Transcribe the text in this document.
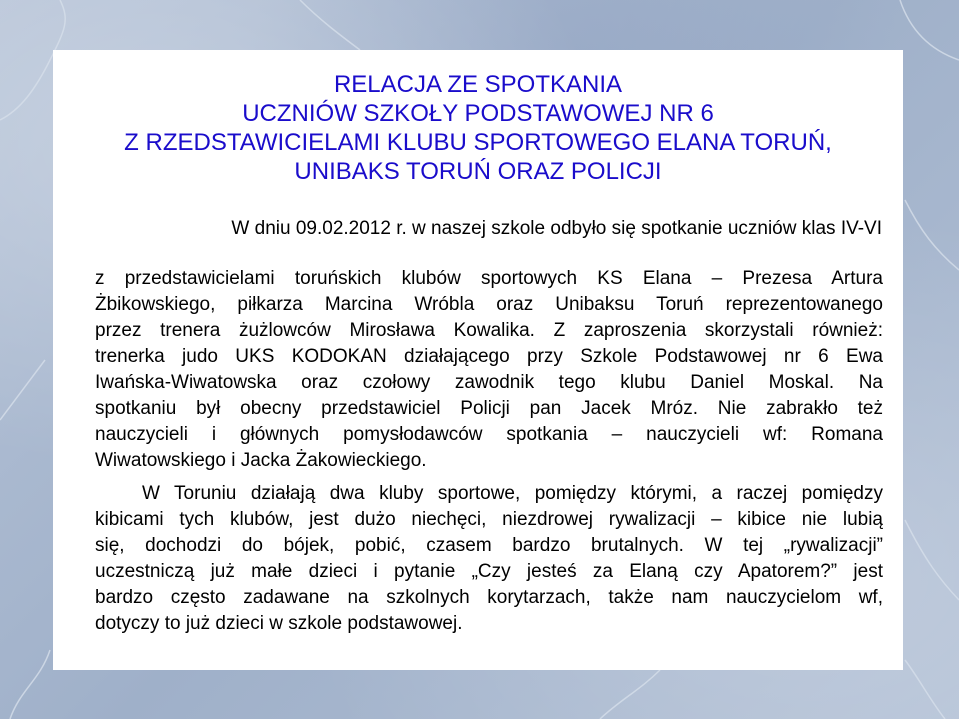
RELACJA ZE SPOTKANIA
UCZNIÓW SZKOŁY PODSTAWOWEJ NR 6
Z RZEDSTAWICIELAMI KLUBU SPORTOWEGO ELANA TORUŃ,
UNIBAKS TORUŃ ORAZ POLICJI
W dniu 09.02.2012 r. w naszej szkole odbyło się spotkanie uczniów klas IV-VI
z przedstawicielami toruńskich klubów sportowych KS Elana – Prezesa Artura
Żbikowskiego, piłkarza Marcina Wróbla oraz Unibaksu Toruń reprezentowanego
przez trenera żużlowców Mirosława Kowalika. Z zaproszenia skorzystali również:
trenerka judo UKS KODOKAN działającego przy Szkole Podstawowej nr 6 Ewa
Iwańska-Wiwatowska oraz czołowy zawodnik tego klubu Daniel Moskal. Na
spotkaniu był obecny przedstawiciel Policji pan Jacek Mróz. Nie zabrakło też
nauczycieli i głównych pomysłodawców spotkania – nauczycieli wf: Romana
Wiwatowskiego i Jacka Żakowieckiego.
W Toruniu działają dwa kluby sportowe, pomiędzy którymi, a raczej pomiędzy
kibicami tych klubów, jest dużo niechęci, niezdrowej rywalizacji – kibice nie lubią
się, dochodzi do bójek, pobić, czasem bardzo brutalnych. W tej „rywalizacji”
uczestniczą już małe dzieci i pytanie „Czy jesteś za Elaną czy Apatorem?” jest
bardzo często zadawane na szkolnych korytarzach, także nam nauczycielom wf,
dotyczy to już dzieci w szkole podstawowej.
